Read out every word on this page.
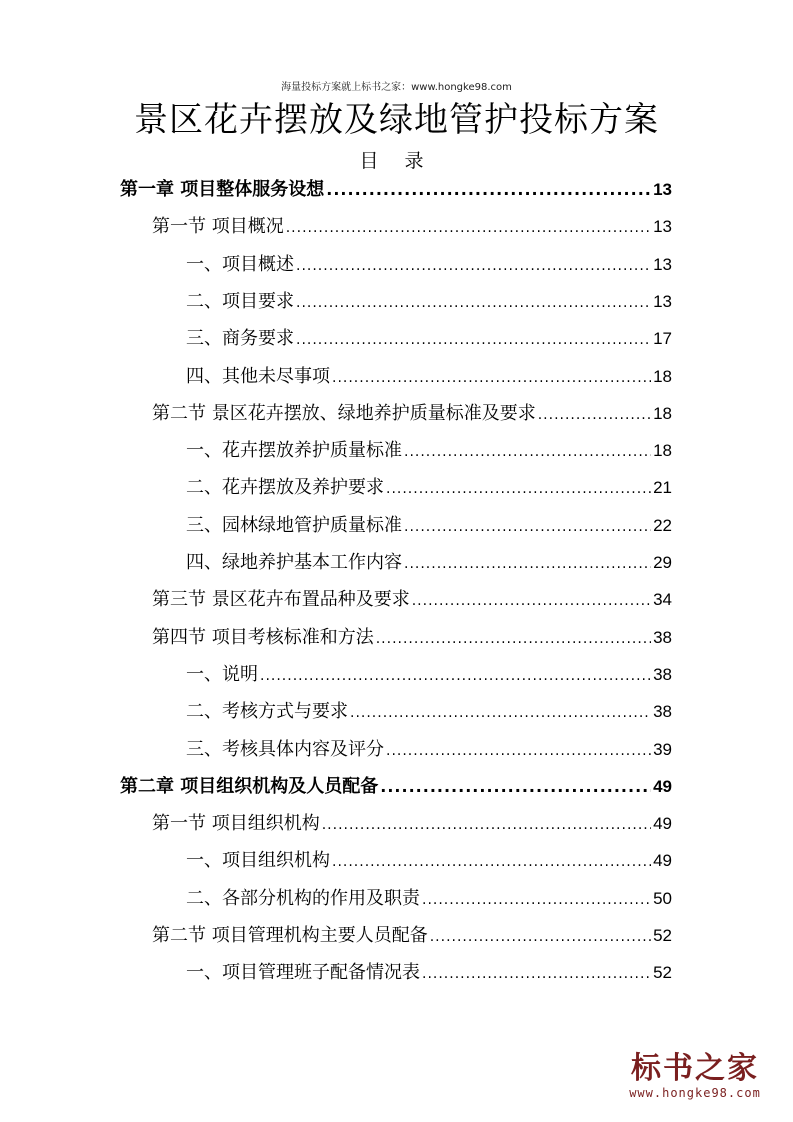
海量投标方案就上标书之家：www.hongke98.com
景区花卉摆放及绿地管护投标方案
目 录
第一章 项目整体服务设想 .....	13
第一节 项目概况 .....	13
一、项目概述 .....	13
二、项目要求 .....	13
三、商务要求 .....	17
四、其他未尽事项 .....	18
第二节 景区花卉摆放、绿地养护质量标准及要求 .....	18
一、花卉摆放养护质量标准 .....	18
二、花卉摆放及养护要求 .....	21
三、园林绿地管护质量标准 .....	22
四、绿地养护基本工作内容 .....	29
第三节 景区花卉布置品种及要求 .....	34
第四节 项目考核标准和方法 .....	38
一、说明 .....	38
二、考核方式与要求 .....	38
三、考核具体内容及评分 .....	39
第二章 项目组织机构及人员配备 .....	49
第一节 项目组织机构 .....	49
一、项目组织机构 .....	49
二、各部分机构的作用及职责 .....	50
第二节 项目管理机构主要人员配备 .....	52
一、项目管理班子配备情况表 .....	52
标书之家
www.hongke98.com
